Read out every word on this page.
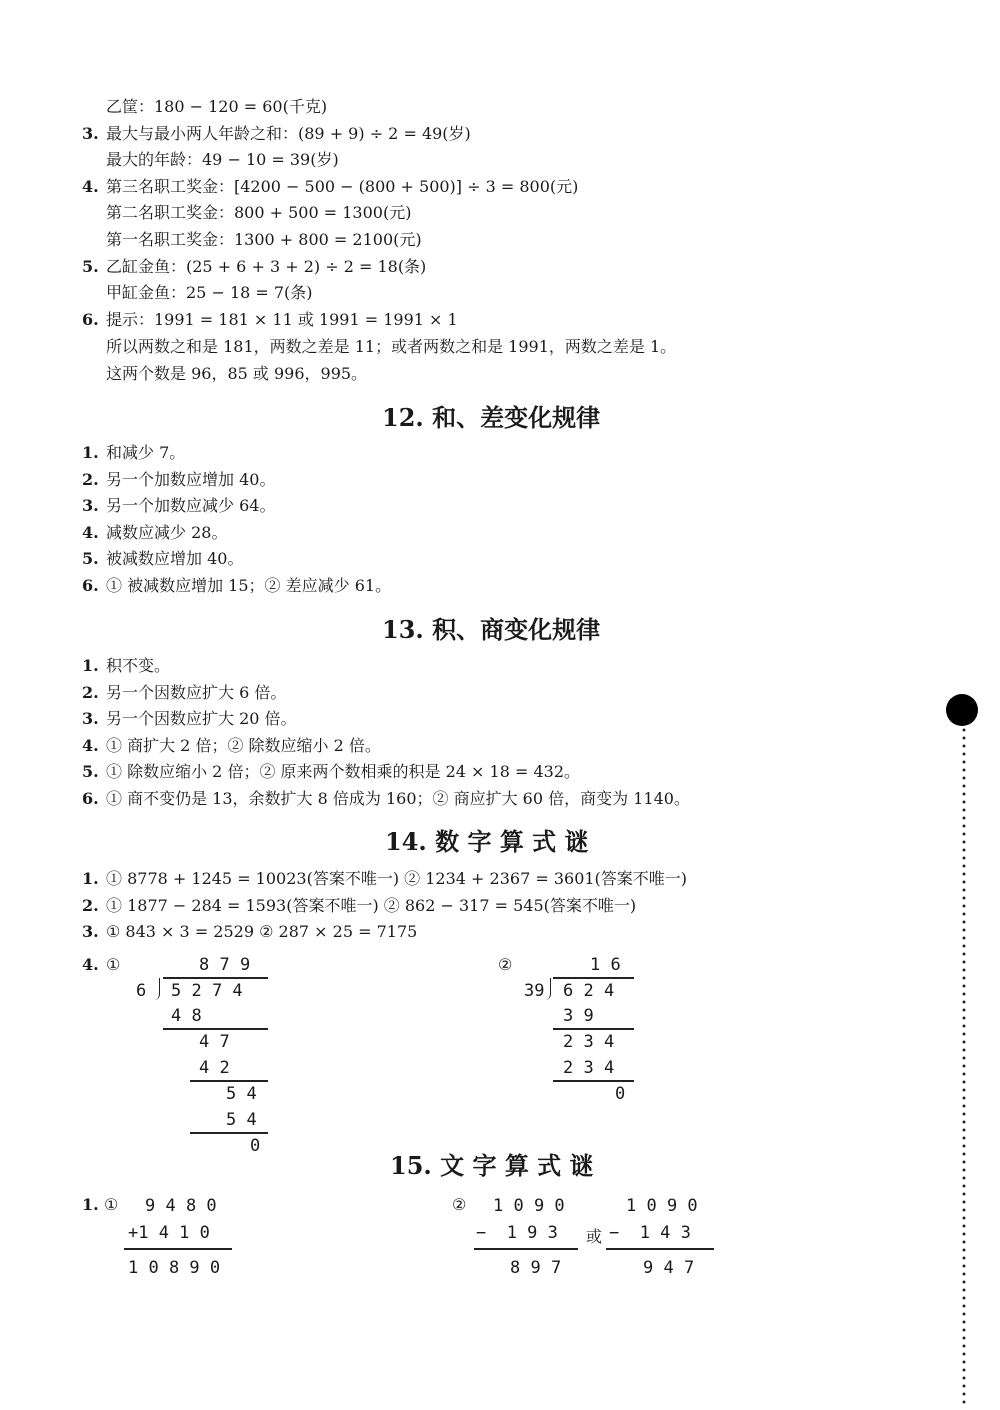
乙筐：180 − 120 = 60(千克)
3. 最大与最小两人年龄之和：(89 + 9) ÷ 2 = 49(岁)
最大的年龄：49 − 10 = 39(岁)
4. 第三名职工奖金：[4200 − 500 − (800 + 500)] ÷ 3 = 800(元)
第二名职工奖金：800 + 500 = 1300(元)
第一名职工奖金：1300 + 800 = 2100(元)
5. 乙缸金鱼：(25 + 6 + 3 + 2) ÷ 2 = 18(条)
甲缸金鱼：25 − 18 = 7(条)
6. 提示：1991 = 181 × 11 或 1991 = 1991 × 1
所以两数之和是 181，两数之差是 11；或者两数之和是 1991，两数之差是 1。
这两个数是 96，85 或 996，995。
12. 和、差变化规律
1. 和减少 7。
2. 另一个加数应增加 40。
3. 另一个加数应减少 64。
4. 减数应减少 28。
5. 被减数应增加 40。
6. ① 被减数应增加 15；② 差应减少 61。
13. 积、商变化规律
1. 积不变。
2. 另一个因数应扩大 6 倍。
3. 另一个因数应扩大 20 倍。
4. ① 商扩大 2 倍；② 除数应缩小 2 倍。
5. ① 除数应缩小 2 倍；② 原来两个数相乘的积是 24 × 18 = 432。
6. ① 商不变仍是 13，余数扩大 8 倍成为 160；② 商应扩大 60 倍，商变为 1140。
14. 数 字 算 式 谜
1. ① 8778 + 1245 = 10023(答案不唯一) ② 1234 + 2367 = 3601(答案不唯一)
2. ① 1877 − 284 = 1593(答案不唯一) ② 862 − 317 = 545(答案不唯一)
3. ① 843 × 3 = 2529 ② 287 × 25 = 7175
4. ①	8 7 9
6 5 2 7 4
4 8
4 7
4 2
5 4
5 4
0
②	1 6
39 6 2 4
3 9
2 3 4
2 3 4
0
15. 文 字 算 式 谜
1. ① 9 4 8 0
+1 4 1 0
1 0 8 9 0
② 1 0 9 0
−  1 9 3
8 9 7
或
1 0 9 0
−  1 4 3
9 4 7
